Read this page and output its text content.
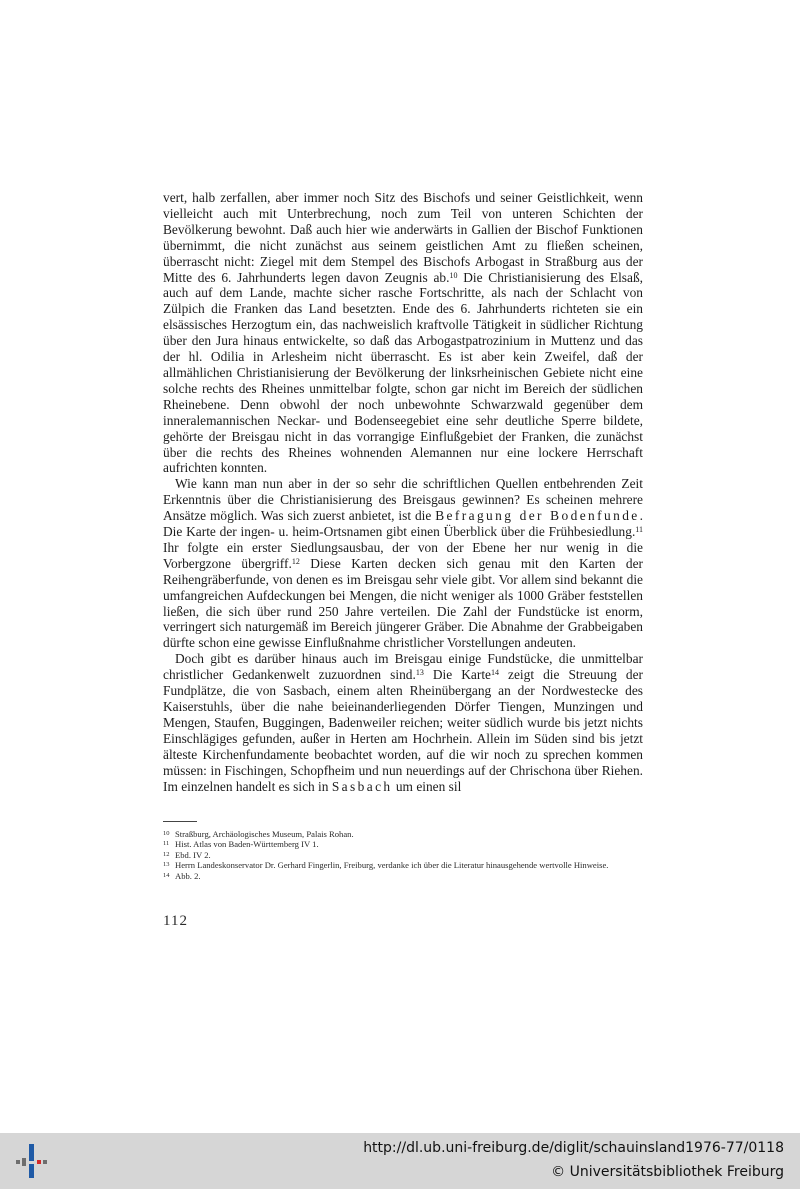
vert, halb zerfallen, aber immer noch Sitz des Bischofs und seiner Geistlichkeit, wenn vielleicht auch mit Unterbrechung, noch zum Teil von unteren Schichten der Bevölkerung bewohnt. Daß auch hier wie anderwärts in Gallien der Bischof Funktionen übernimmt, die nicht zunächst aus seinem geistlichen Amt zu fließen scheinen, überrascht nicht: Ziegel mit dem Stempel des Bischofs Arbogast in Straßburg aus der Mitte des 6. Jahrhunderts legen davon Zeugnis ab.$^{10}$ Die Christianisierung des Elsaß, auch auf dem Lande, machte sicher rasche Fortschritte, als nach der Schlacht von Zülpich die Franken das Land besetzten. Ende des 6. Jahrhunderts richteten sie ein elsässisches Herzogtum ein, das nachweislich kraftvolle Tätigkeit in südlicher Richtung über den Jura hinaus entwickelte, so daß das Arbogastpatrozinium in Muttenz und das der hl. Odilia in Arlesheim nicht überrascht. Es ist aber kein Zweifel, daß der allmählichen Christianisierung der Bevölkerung der linksrheinischen Gebiete nicht eine solche rechts des Rheines unmittelbar folgte, schon gar nicht im Bereich der südlichen Rheinebene. Denn obwohl der noch unbewohnte Schwarzwald gegenüber dem inneralemannischen Neckar- und Bodenseegebiet eine sehr deutliche Sperre bildete, gehörte der Breisgau nicht in das vorrangige Einflußgebiet der Franken, die zunächst über die rechts des Rheines wohnenden Alemannen nur eine lockere Herrschaft aufrichten konnten.

Wie kann man nun aber in der so sehr die schriftlichen Quellen entbehrenden Zeit Erkenntnis über die Christianisierung des Breisgaus gewinnen? Es scheinen mehrere Ansätze möglich. Was sich zuerst anbietet, ist die Befragung der Bodenfunde. Die Karte der ingen- u. heim-Ortsnamen gibt einen Überblick über die Frühbesiedlung.$^{11}$ Ihr folgte ein erster Siedlungsausbau, der von der Ebene her nur wenig in die Vorbergzone übergriff.$^{12}$ Diese Karten decken sich genau mit den Karten der Reihengräberfunde, von denen es im Breisgau sehr viele gibt. Vor allem sind bekannt die umfangreichen Aufdeckungen bei Mengen, die nicht weniger als 1000 Gräber feststellen ließen, die sich über rund 250 Jahre verteilen. Die Zahl der Fundstücke ist enorm, verringert sich naturgemäß im Bereich jüngerer Gräber. Die Abnahme der Grabbeigaben dürfte schon eine gewisse Einflußnahme christlicher Vorstellungen andeuten.

Doch gibt es darüber hinaus auch im Breisgau einige Fundstücke, die unmittelbar christlicher Gedankenwelt zuzuordnen sind.$^{13}$ Die Karte$^{14}$ zeigt die Streuung der Fundplätze, die von Sasbach, einem alten Rheinübergang an der Nordwestecke des Kaiserstuhls, über die nahe beieinanderliegenden Dörfer Tiengen, Munzingen und Mengen, Staufen, Buggingen, Badenweiler reichen; weiter südlich wurde bis jetzt nichts Einschlägiges gefunden, außer in Herten am Hochrhein. Allein im Süden sind bis jetzt älteste Kirchenfundamente beobachtet worden, auf die wir noch zu sprechen kommen müssen: in Fischingen, Schopfheim und nun neuerdings auf der Chrischona über Riehen. Im einzelnen handelt es sich in Sasbach um einen sil

10 Straßburg, Archäologisches Museum, Palais Rohan.
11 Hist. Atlas von Baden-Württemberg IV 1.
12 Ebd. IV 2.
13 Herrn Landeskonservator Dr. Gerhard Fingerlin, Freiburg, verdanke ich über die Literatur hinausgehende wertvolle Hinweise.
14 Abb. 2.
112
http://dl.ub.uni-freiburg.de/diglit/schauinsland1976-77/0118
© Universitätsbibliothek Freiburg
